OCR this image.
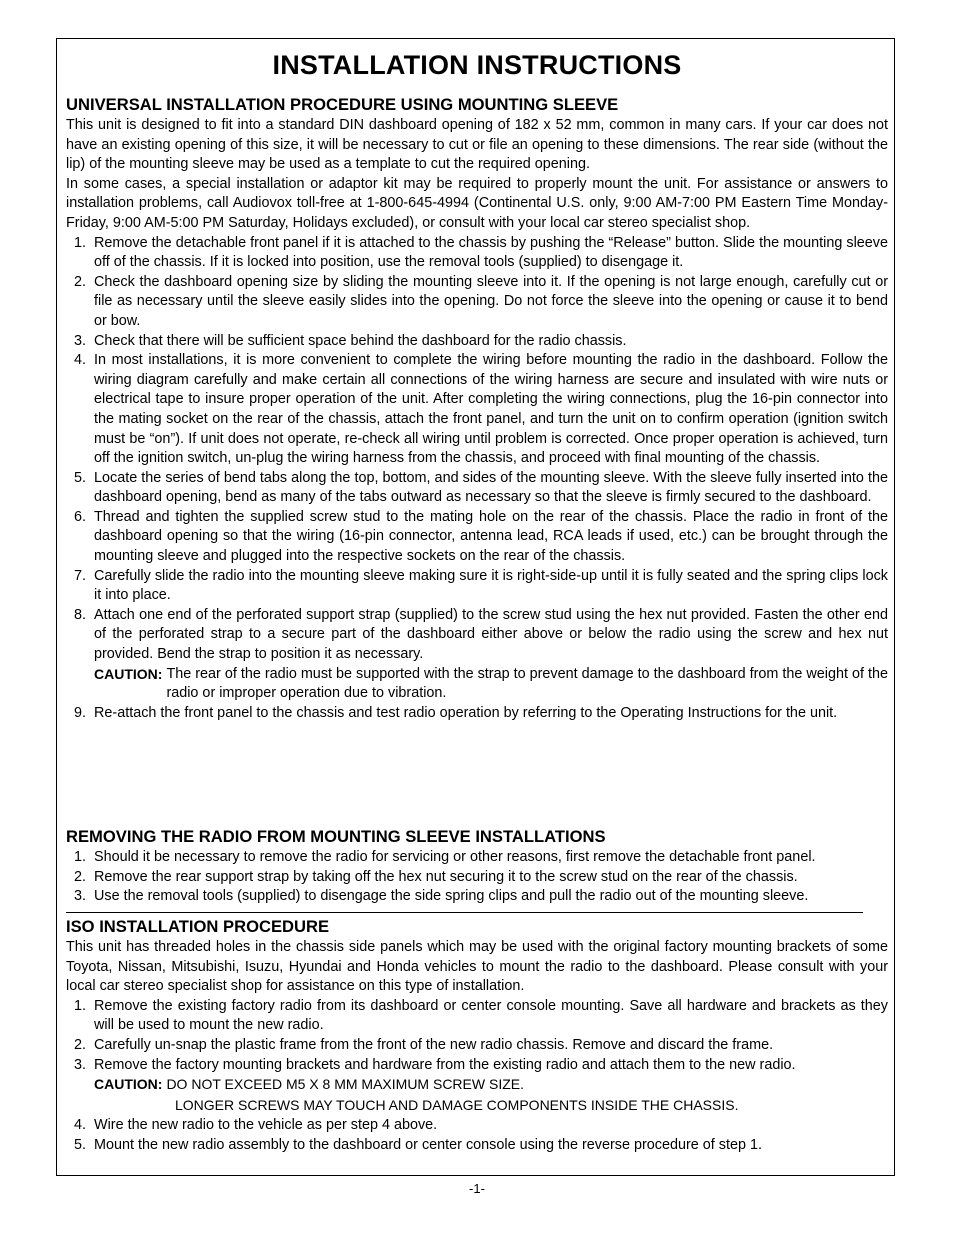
INSTALLATION INSTRUCTIONS
UNIVERSAL INSTALLATION PROCEDURE USING MOUNTING SLEEVE

This unit is designed to fit into a standard DIN dashboard opening of 182 x 52 mm, common in many cars. If your car does not have an existing opening of this size, it will be necessary to cut or file an opening to these dimensions. The rear side (without the lip) of the mounting sleeve may be used as a template to cut the required opening.

In some cases, a special installation or adaptor kit may be required to properly mount the unit. For assistance or answers to installation problems, call Audiovox toll-free at 1-800-645-4994 (Continental U.S. only, 9:00 AM-7:00 PM Eastern Time Monday-Friday, 9:00 AM-5:00 PM Saturday, Holidays excluded), or consult with your local car stereo specialist shop.

1. Remove the detachable front panel if it is attached to the chassis by pushing the “Release” button. Slide the mounting sleeve off of the chassis. If it is locked into position, use the removal tools (supplied) to disengage it.
2. Check the dashboard opening size by sliding the mounting sleeve into it. If the opening is not large enough, carefully cut or file as necessary until the sleeve easily slides into the opening. Do not force the sleeve into the opening or cause it to bend or bow.
3. Check that there will be sufficient space behind the dashboard for the radio chassis.
4. In most installations, it is more convenient to complete the wiring before mounting the radio in the dashboard. Follow the wiring diagram carefully and make certain all connections of the wiring harness are secure and insulated with wire nuts or electrical tape to insure proper operation of the unit. After completing the wiring connections, plug the 16-pin connector into the mating socket on the rear of the chassis, attach the front panel, and turn the unit on to confirm operation (ignition switch must be “on”). If unit does not operate, re-check all wiring until problem is corrected. Once proper operation is achieved, turn off the ignition switch, un-plug the wiring harness from the chassis, and proceed with final mounting of the chassis.
5. Locate the series of bend tabs along the top, bottom, and sides of the mounting sleeve. With the sleeve fully inserted into the dashboard opening, bend as many of the tabs outward as necessary so that the sleeve is firmly secured to the dashboard.
6. Thread and tighten the supplied screw stud to the mating hole on the rear of the chassis. Place the radio in front of the dashboard opening so that the wiring (16-pin connector, antenna lead, RCA leads if used, etc.) can be brought through the mounting sleeve and plugged into the respective sockets on the rear of the chassis.
7. Carefully slide the radio into the mounting sleeve making sure it is right-side-up until it is fully seated and the spring clips lock it into place.
8. Attach one end of the perforated support strap (supplied) to the screw stud using the hex nut provided. Fasten the other end of the perforated strap to a secure part of the dashboard either above or below the radio using the screw and hex nut provided. Bend the strap to position it as necessary.
CAUTION: The rear of the radio must be supported with the strap to prevent damage to the dashboard from the weight of the radio or improper operation due to vibration.
9. Re-attach the front panel to the chassis and test radio operation by referring to the Operating Instructions for the unit.
REMOVING THE RADIO FROM MOUNTING SLEEVE INSTALLATIONS
1. Should it be necessary to remove the radio for servicing or other reasons, first remove the detachable front panel.
2. Remove the rear support strap by taking off the hex nut securing it to the screw stud on the rear of the chassis.
3. Use the removal tools (supplied) to disengage the side spring clips and pull the radio out of the mounting sleeve.
ISO INSTALLATION PROCEDURE

This unit has threaded holes in the chassis side panels which may be used with the original factory mounting brackets of some Toyota, Nissan, Mitsubishi, Isuzu, Hyundai and Honda vehicles to mount the radio to the dashboard. Please consult with your local car stereo specialist shop for assistance on this type of installation.

1. Remove the existing factory radio from its dashboard or center console mounting. Save all hardware and brackets as they will be used to mount the new radio.
2. Carefully un-snap the plastic frame from the front of the new radio chassis. Remove and discard the frame.
3. Remove the factory mounting brackets and hardware from the existing radio and attach them to the new radio.
CAUTION: DO NOT EXCEED M5 X 8 MM MAXIMUM SCREW SIZE.
LONGER SCREWS MAY TOUCH AND DAMAGE COMPONENTS INSIDE THE CHASSIS.
4. Wire the new radio to the vehicle as per step 4 above.
5. Mount the new radio assembly to the dashboard or center console using the reverse procedure of step 1.
-1-
